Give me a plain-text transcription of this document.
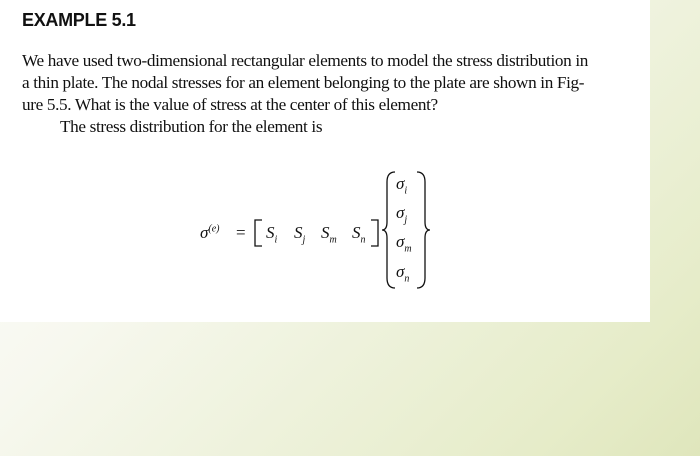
EXAMPLE 5.1
We have used two-dimensional rectangular elements to model the stress distribution in
a thin plate. The nodal stresses for an element belonging to the plate are shown in Fig-
ure 5.5. What is the value of stress at the center of this element?
The stress distribution for the element is
$\sigma^{(e)} = S_i$ $S_j$ $S_m$ $S_n$
$\sigma_i$
$\sigma_j$
$\sigma_m$
$\sigma_n$
